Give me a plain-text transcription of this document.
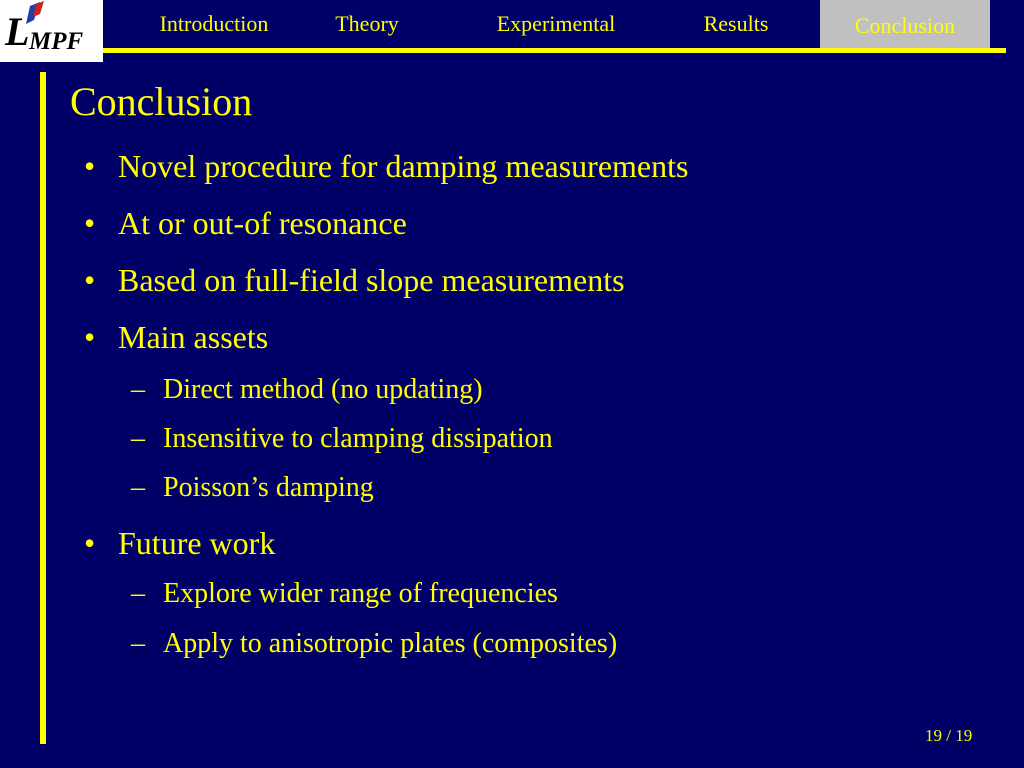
L MPF
Introduction	Theory	Experimental	Results	Conclusion
Conclusion
• Novel procedure for damping measurements
• At or out-of resonance
• Based on full-field slope measurements
• Main assets
– Direct method (no updating)
– Insensitive to clamping dissipation
– Poisson’s damping
• Future work
– Explore wider range of frequencies
– Apply to anisotropic plates (composites)
19 / 19
